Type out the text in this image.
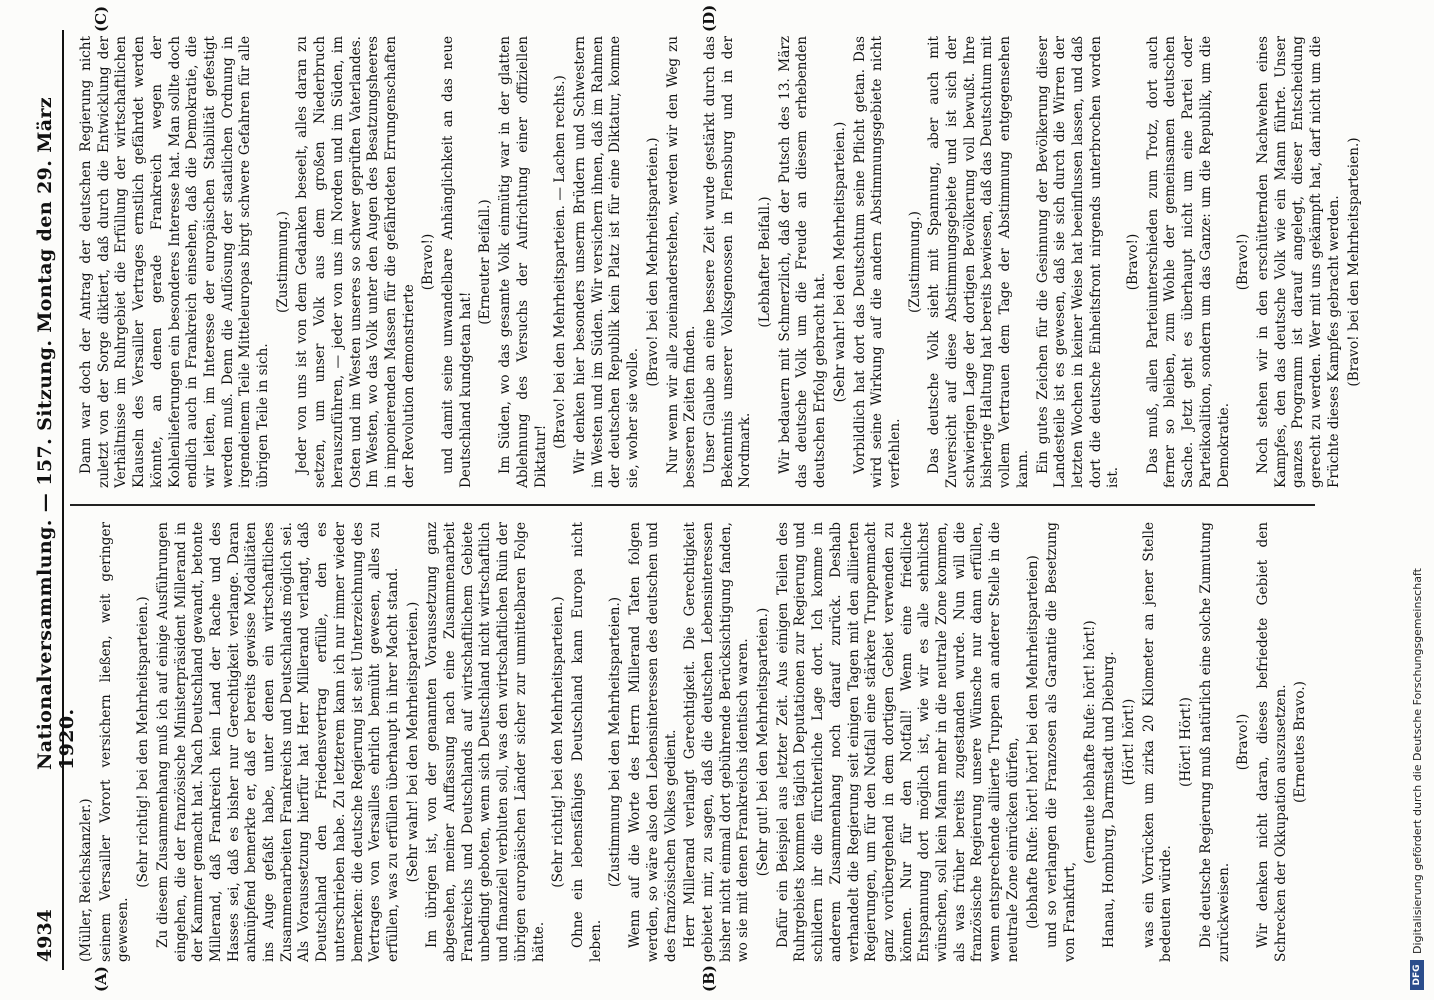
4934
Nationalversammlung. — 157. Sitzung. Montag den 29. März 1920.
(A)	(B)
(C)	(D)

(Müller, Reichskanzler.) seinem Versailler Vorort versichern ließen, weit geringer gewesen.

(Sehr richtig! bei den Mehrheitsparteien.) Zu diesem Zusammenhang muß ich auf einige Ausführungen eingehen, die der französische Ministerpräsident Millerand in der Kammer gemacht hat. Nach Deutschland gewandt, betonte Millerand, daß Frankreich kein Land der Rache und des Hasses sei, daß es bisher nur Gerechtigkeit verlange. Daran anknüpfend bemerkte er, daß er bereits gewisse Modalitäten ins Auge gefaßt habe, unter denen ein wirtschaftliches Zusammenarbeiten Frankreichs und Deutschlands möglich sei. Als Voraussetzung hierfür hat Herr Millerand verlangt, daß Deutschland den Friedensvertrag erfülle, den es unterschrieben habe. Zu letzterem kann ich nur immer wieder bemerken: die deutsche Regierung ist seit Unterzeichnung des Vertrages von Versailles ehrlich bemüht gewesen, alles zu erfüllen, was zu erfüllen überhaupt in ihrer Macht stand. (Sehr wahr! bei den Mehrheitsparteien.) Im übrigen ist, von der genannten Voraussetzung ganz abgesehen, meiner Auffassung nach eine Zusammenarbeit Frankreichs und Deutschlands auf wirtschaftlichem Gebiete unbedingt geboten, wenn sich Deutschland nicht wirtschaftlich und finanziell verbluten soll, was den wirtschaftlichen Ruin der übrigen europäischen Länder sicher zur unmittelbaren Folge hätte.

(Sehr richtig! bei den Mehrheitsparteien.) Ohne ein lebensfähiges Deutschland kann Europa nicht leben.

(Zustimmung bei den Mehrheitsparteien.) Wenn auf die Worte des Herrn Millerand Taten folgen werden, so wäre also den Lebensinteressen des deutschen und des französischen Volkes gedient. Herr Millerand verlangt Gerechtigkeit. Die Gerechtigkeit gebietet mir, zu sagen, daß die deutschen Lebensinteressen bisher nicht einmal dort gebührende Berücksichtigung fanden, wo sie mit denen Frankreichs identisch waren. (Sehr gut! bei den Mehrheitsparteien.) Dafür ein Beispiel aus letzter Zeit. Aus einigen Teilen des Ruhrgebiets kommen täglich Deputationen zur Regierung und schildern ihr die fürchterliche Lage dort. Ich komme in anderem Zusammenhang noch darauf zurück. Deshalb verhandelt die Regierung seit einigen Tagen mit den alliierten Regierungen, um für den Notfall eine stärkere Truppenmacht ganz vorübergehend in dem dortigen Gebiet verwenden zu können. Nur für den Notfall! Wenn eine friedliche Entspannung dort möglich ist, wie wir es alle sehnlichst wünschen, soll kein Mann mehr in die neutrale Zone kommen, als was früher bereits zugestanden wurde. Nun will die französische Regierung unsere Wünsche nur dann erfüllen, wenn entsprechende alliierte Truppen an anderer Stelle in die neutrale Zone einrücken dürfen, (lebhafte Rufe: hört! hört! bei den Mehrheitsparteien) und so verlangen die Franzosen als Garantie die Besetzung von Frankfurt,

(erneute lebhafte Rufe: hört! hört!) Hanau, Homburg, Darmstadt und Dieburg. (Hört! hört!) was ein Vorrücken um zirka 20 Kilometer an jener Stelle bedeuten würde.

(Hört! Hört!) Die deutsche Regierung muß natürlich eine solche Zumutung zurückweisen.

(Bravo!) Wir denken nicht daran, dieses befriedete Gebiet den Schrecken der Okkupation auszusetzen. (Erneutes Bravo.)

Dann war doch der Antrag der deutschen Regierung nicht zuletzt von der Sorge diktiert, daß durch die Entwicklung der Verhältnisse im Ruhrgebiet die Erfüllung der wirtschaftlichen Klauseln des Versailler Vertrages ernstlich gefährdet werden könnte, an denen gerade Frankreich wegen der Kohlenlieferungen ein besonderes Interesse hat. Man sollte doch endlich auch in Frankreich einsehen, daß die Demokratie, die wir leiten, im Interesse der europäischen Stabilität gefestigt werden muß. Denn die Auflösung der staatlichen Ordnung in irgendeinem Teile Mitteleuropas birgt schwere Gefahren für alle übrigen Teile in sich.

(Zustimmung.) Jeder von uns ist von dem Gedanken beseelt, alles daran zu setzen, um unser Volk aus dem großen Niederbruch herauszuführen, — jeder von uns im Norden und im Süden, im Osten und im Westen unseres so schwer geprüften Vaterlandes. Im Westen, wo das Volk unter den Augen des Besatzungsheeres in imponierenden Massen für die gefährdeten Errungenschaften der Revolution demonstrierte

(Bravo!) und damit seine unwandelbare Anhänglichkeit an das neue Deutschland kundgetan hat!

(Erneuter Beifall.) Im Süden, wo das gesamte Volk einmütig war in der glatten Ablehnung des Versuchs der Aufrichtung einer offiziellen Diktatur!

(Bravo! bei den Mehrheitsparteien. — Lachen rechts.) Wir denken hier besonders unserm Brüdern und Schwestern im Westen und im Süden. Wir versichern ihnen, daß im Rahmen der deutschen Republik kein Platz ist für eine Diktatur, komme sie, woher sie wolle.

(Bravo! bei den Mehrheitsparteien.) Nur wenn wir alle zueinanderstehen, werden wir den Weg zu besseren Zeiten finden. Unser Glaube an eine bessere Zeit wurde gestärkt durch das Bekenntnis unserer Volksgenossen in Flensburg und in der Nordmark.

(Lebhafter Beifall.) Wir bedauern mit Schmerzlich, daß der Putsch des 13. März das deutsche Volk um die Freude an diesem erhebenden deutschen Erfolg gebracht hat. (Sehr wahr! bei den Mehrheitsparteien.) Vorbildlich hat dort das Deutschtum seine Pflicht getan. Das wird seine Wirkung auf die andern Abstimmungsgebiete nicht verfehlen.

(Zustimmung.) Das deutsche Volk sieht mit Spannung, aber auch mit Zuversicht auf diese Abstimmungsgebiete und ist sich der schwierigen Lage der dortigen Bevölkerung voll bewußt. Ihre bisherige Haltung hat bereits bewiesen, daß das Deutschtum mit vollem Vertrauen dem Tage der Abstimmung entgegensehen kann. Ein gutes Zeichen für die Gesinnung der Bevölkerung dieser Landesteile ist es gewesen, daß sie sich durch die Wirren der letzten Wochen in keiner Weise hat beeinflussen lassen, und daß dort die deutsche Einheitsfront nirgends unterbrochen worden ist.

(Bravo!) Das muß, allen Parteiunterschieden zum Trotz, dort auch ferner so bleiben, zum Wohle der gemeinsamen deutschen Sache. Jetzt geht es überhaupt nicht um eine Partei oder Parteikoalition, sondern um das Ganze: um die Republik, um die Demokratie.

(Bravo!) Noch stehen wir in den erschütternden Nachwehen eines Kampfes, den das deutsche Volk wie ein Mann führte. Unser ganzes Programm ist darauf angelegt, dieser Entscheidung gerecht zu werden. Wer mit uns gekämpft hat, darf nicht um die Früchte dieses Kampfes gebracht werden. (Bravo! bei den Mehrheitsparteien.)

DFG
Digitalisierung gefördert durch die Deutsche Forschungsgemeinschaft
